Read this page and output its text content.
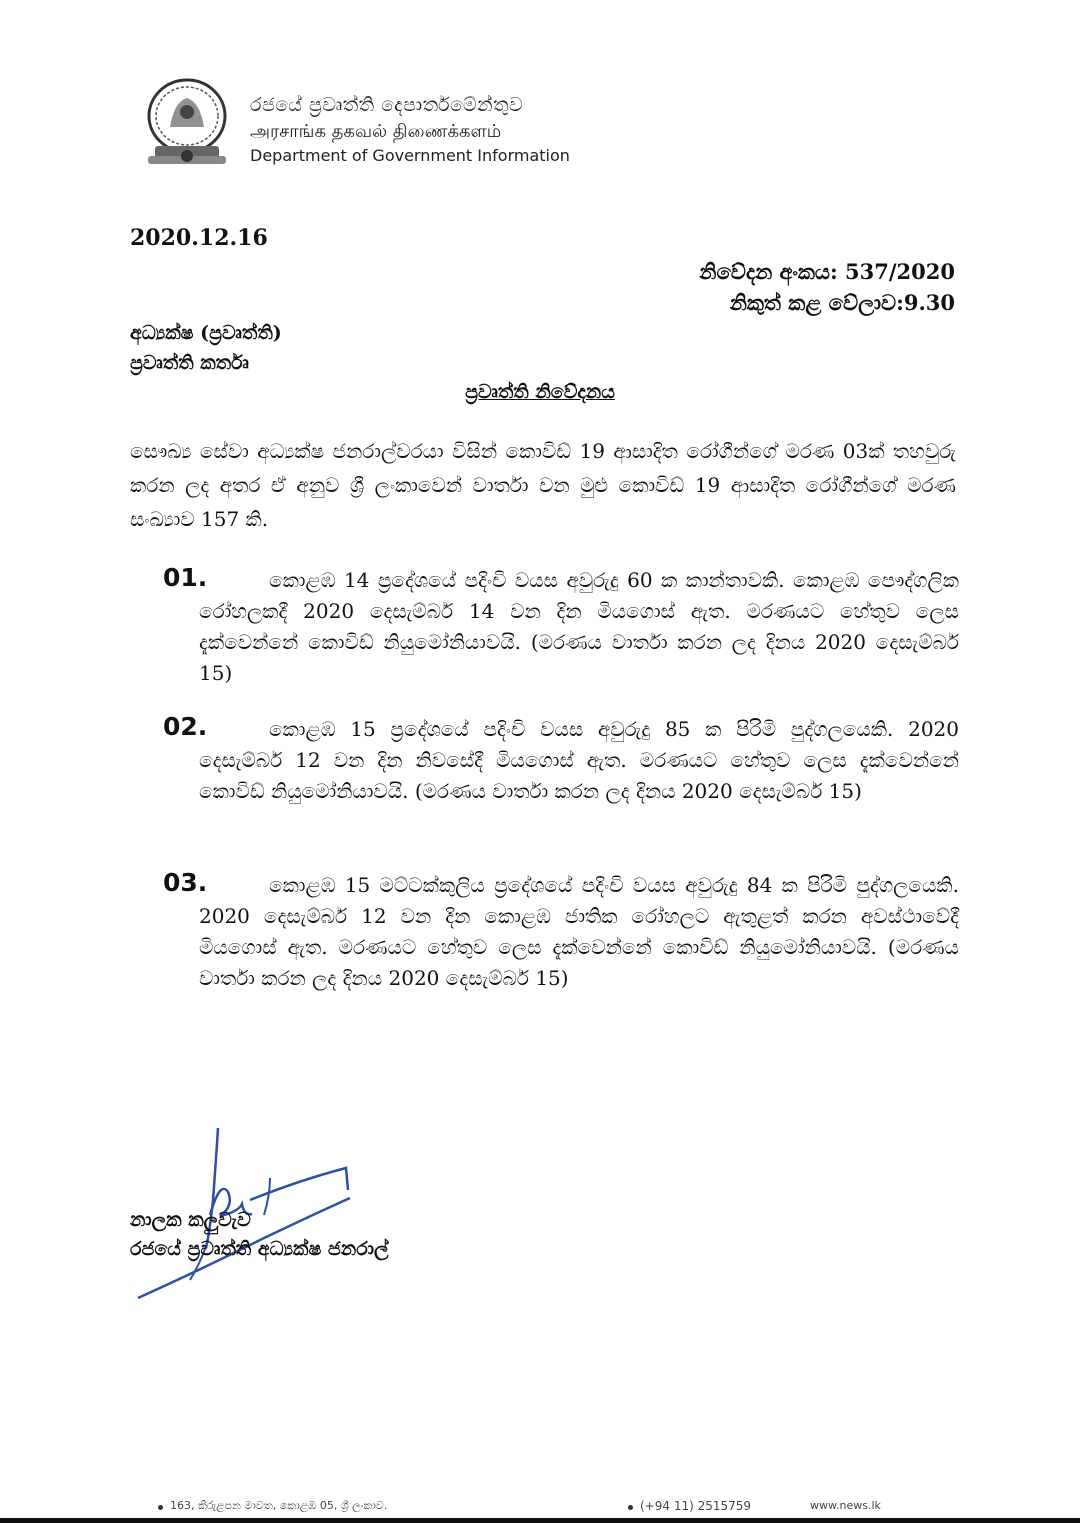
රජයේ ප්‍රවෘත්ති දෙපාර්තමේන්තුව
அரசாங்க தகவல் திணைக்களம்
Department of Government Information
2020.12.16
නිවේදන අංකය: 537/2020
නිකුත් කළ වේලාව:9.30
අධ්‍යක්ෂ (ප්‍රවෘත්ති)
ප්‍රවෘත්ති කර්තෘ
ප්‍රවෘත්ති නිවේදනය
සෞඛ්‍ය සේවා අධ්‍යක්ෂ ජනරාල්වරයා විසින් කොවිඩ් 19 ආසාදිත රෝගීන්ගේ මරණ 03ක් තහවුරු කරන ලද අතර ඒ අනුව ශ්‍රී ලංකාවෙන් වාර්තා වන මුළු කොවිඩ් 19 ආසාදිත රෝගීන්ගේ මරණ සංඛ්‍යාව 157 කි.
01.	කොළඹ 14 ප්‍රදේශයේ පදිංචි වයස අවුරුදු 60 ක කාන්තාවකි. කොළඹ පෞද්ගලික රෝහලකදී 2020 දෙසැම්බර් 14 වන දින මියගොස් ඇත. මරණයට හේතුව ලෙස දැක්වෙන්නේ කොවිඩ් නියුමෝනියාවයි. (මරණය වාර්තා කරන ලද දිනය 2020 දෙසැම්බර් 15)
02.	කොළඹ 15 ප්‍රදේශයේ පදිංචි වයස අවුරුදු 85 ක පිරිමි පුද්ගලයෙකි. 2020 දෙසැම්බර් 12 වන දින නිවසේදී මියගොස් ඇත. මරණයට හේතුව ලෙස දැක්වෙන්නේ කොවිඩ් නියුමෝනියාවයි. (මරණය වාර්තා කරන ලද දිනය 2020 දෙසැම්බර් 15)
03.	කොළඹ 15 මට්ටක්කුලිය ප්‍රදේශයේ පදිංචි වයස අවුරුදු 84 ක පිරිමි පුද්ගලයෙකි. 2020 දෙසැම්බර් 12 වන දින කොළඹ ජාතික රෝහලට ඇතුළත් කරන අවස්ථාවේදී මියගොස් ඇත. මරණයට හේතුව ලෙස දැක්වෙන්නේ කොවිඩ් නියුමෝනියාවයි. (මරණය වාර්තා කරන ලද දිනය 2020 දෙසැම්බර් 15)
නාලක කලුවැව
රජයේ ප්‍රවෘත්ති අධ්‍යක්ෂ ජනරාල්
163, කිරුළපන මාවත, කොළඹ 05, ශ්‍රී ලංකාව.	(+94 11) 2515759	www.news.lk
